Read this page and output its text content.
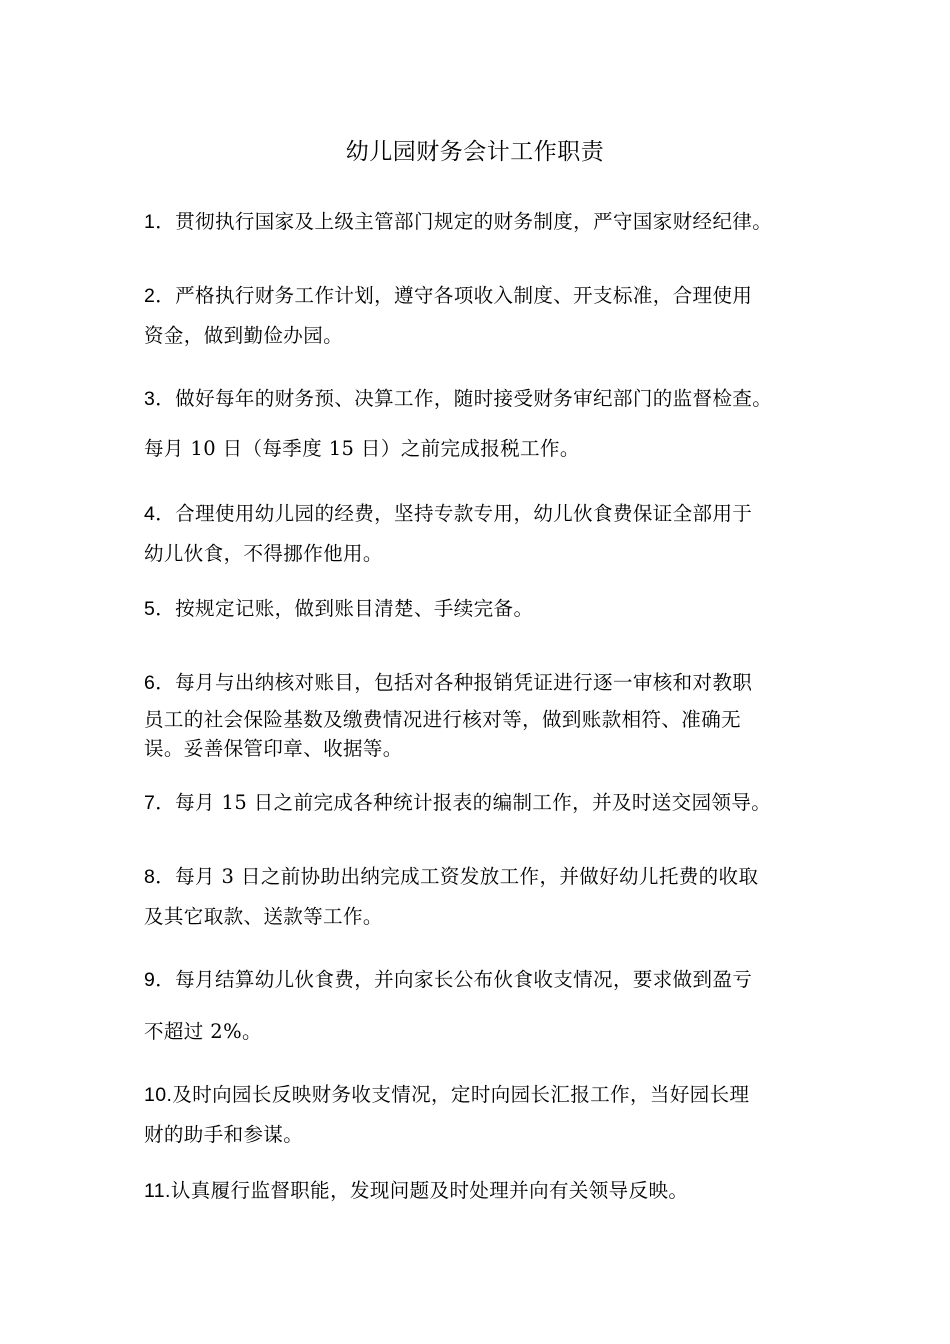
幼儿园财务会计工作职责
1．贯彻执行国家及上级主管部门规定的财务制度，严守国家财经纪律。
2．严格执行财务工作计划，遵守各项收入制度、开支标准，合理使用
资金，做到勤俭办园。
3．做好每年的财务预、决算工作，随时接受财务审纪部门的监督检查。
每月 10 日（每季度 15 日）之前完成报税工作。
4．合理使用幼儿园的经费，坚持专款专用，幼儿伙食费保证全部用于
幼儿伙食，不得挪作他用。
5．按规定记账，做到账目清楚、手续完备。
6．每月与出纳核对账目，包括对各种报销凭证进行逐一审核和对教职
员工的社会保险基数及缴费情况进行核对等，做到账款相符、准确无
误。妥善保管印章、收据等。
7．每月 15 日之前完成各种统计报表的编制工作，并及时送交园领导。
8．每月 3 日之前协助出纳完成工资发放工作，并做好幼儿托费的收取
及其它取款、送款等工作。
9．每月结算幼儿伙食费，并向家长公布伙食收支情况，要求做到盈亏
不超过 2%。
10.及时向园长反映财务收支情况，定时向园长汇报工作，当好园长理
财的助手和参谋。
11.认真履行监督职能，发现问题及时处理并向有关领导反映。
